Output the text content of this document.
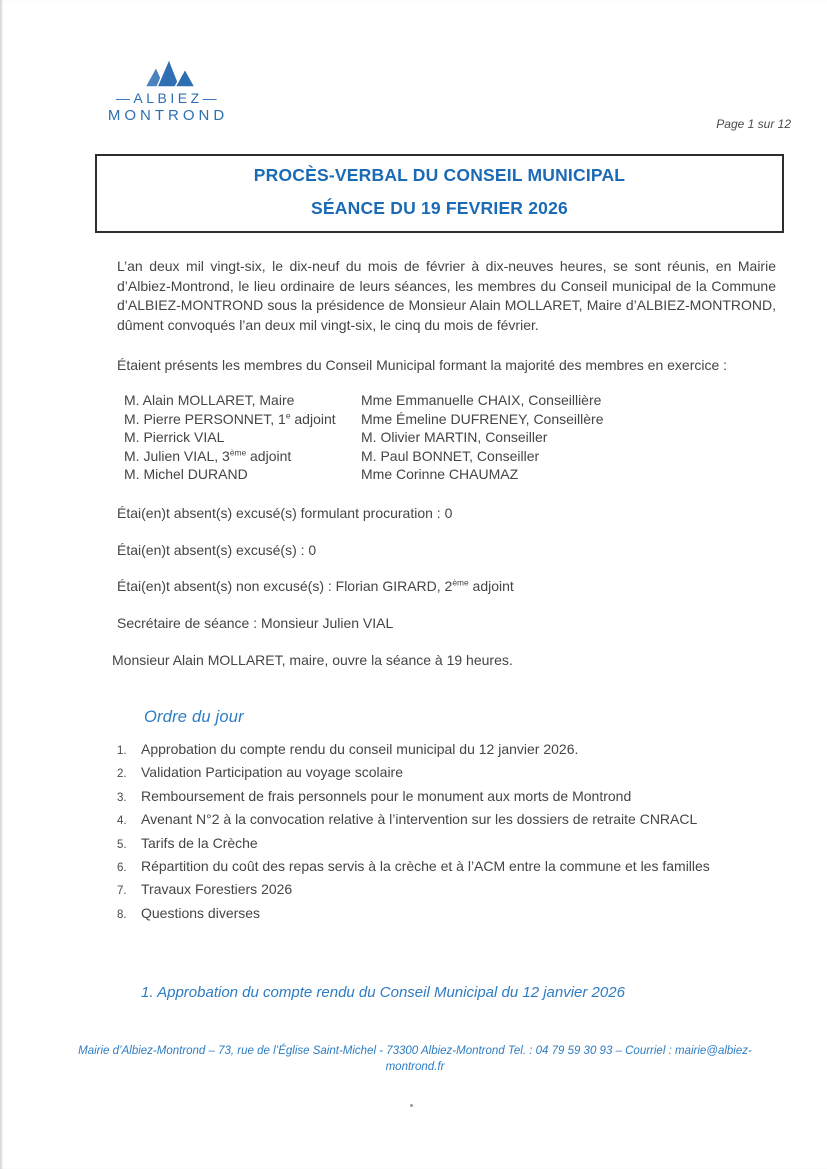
—ALBIEZ—
MONTROND	Page 1 sur 12
PROCÈS-VERBAL DU CONSEIL MUNICIPAL
SÉANCE DU 19 FEVRIER 2026

L’an deux mil vingt-six, le dix-neuf du mois de février à dix-neuves heures, se sont réunis, en Mairie d’Albiez-Montrond, le lieu ordinaire de leurs séances, les membres du Conseil municipal de la Commune d’ALBIEZ-MONTROND sous la présidence de Monsieur Alain MOLLARET, Maire d’ALBIEZ-MONTROND, dûment convoqués l’an deux mil vingt-six, le cinq du mois de février.

Étaient présents les membres du Conseil Municipal formant la majorité des membres en exercice :

M. Alain MOLLARET, Maire	Mme Emmanuelle CHAIX, Conseillière
M. Pierre PERSONNET, 1e adjoint	Mme Émeline DUFRENEY, Conseillère
M. Pierrick VIAL	M. Olivier MARTIN, Conseiller
M. Julien VIAL, 3ème adjoint	M. Paul BONNET, Conseiller
M. Michel DURAND	Mme Corinne CHAUMAZ

Étai(en)t absent(s) excusé(s) formulant procuration : 0

Étai(en)t absent(s) excusé(s) : 0

Étai(en)t absent(s) non excusé(s) : Florian GIRARD, 2ème adjoint

Secrétaire de séance : Monsieur Julien VIAL

Monsieur Alain MOLLARET, maire, ouvre la séance à 19 heures.

Ordre du jour
1.	Approbation du compte rendu du conseil municipal du 12 janvier 2026.
2.	Validation Participation au voyage scolaire
3.	Remboursement de frais personnels pour le monument aux morts de Montrond
4.	Avenant N°2 à la convocation relative à l’intervention sur les dossiers de retraite CNRACL
5.	Tarifs de la Crèche
6.	Répartition du coût des repas servis à la crèche et à l’ACM entre la commune et les familles
7.	Travaux Forestiers 2026
8.	Questions diverses
1. Approbation du compte rendu du Conseil Municipal du 12 janvier 2026
Mairie d’Albiez-Montrond – 73, rue de l’Église Saint-Michel - 73300 Albiez-Montrond Tel. : 04 79 59 30 93 – Courriel : mairie@albiez-
montrond.fr
